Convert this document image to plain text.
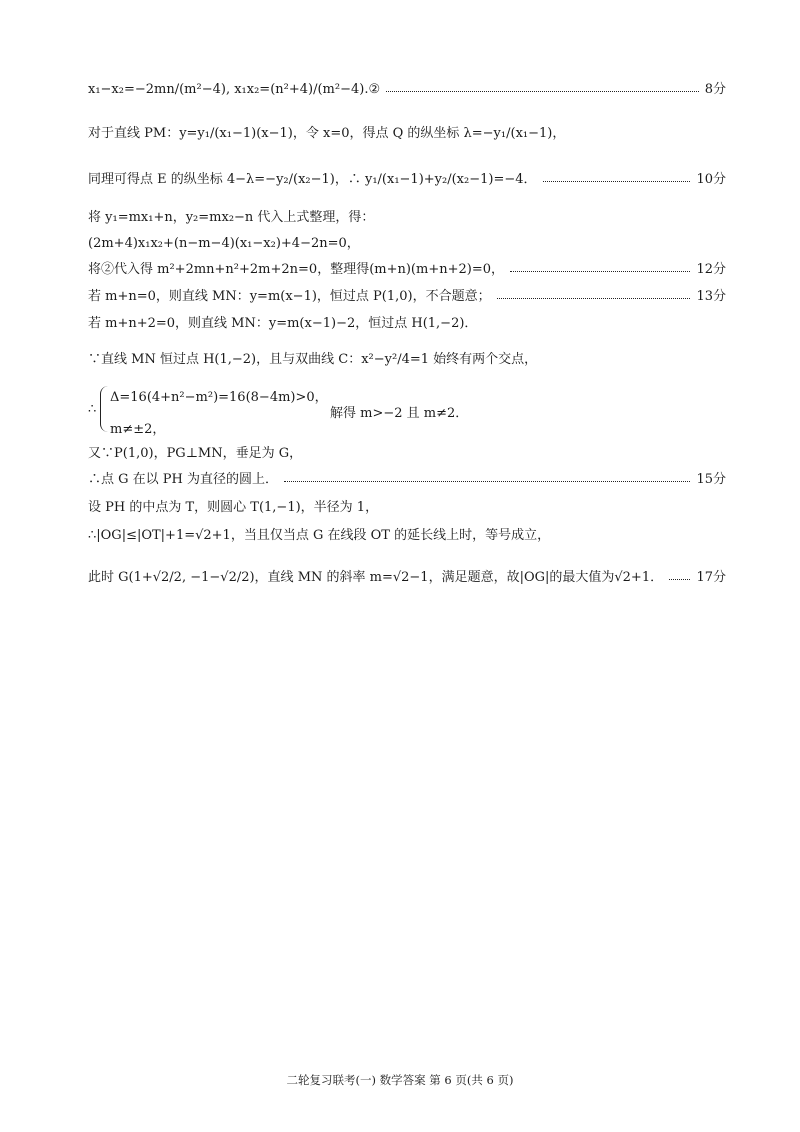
x₁−x₂=−2mn/(m²−4), x₁x₂=(n²+4)/(m²−4).②	8分
对于直线 PM：y=y₁/(x₁−1)(x−1)，令 x=0，得点 Q 的纵坐标 λ=−y₁/(x₁−1)，
同理可得点 E 的纵坐标 4−λ=−y₂/(x₂−1)，∴ y₁/(x₁−1)+y₂/(x₂−1)=−4．	10分
将 y₁=mx₁+n，y₂=mx₂−n 代入上式整理，得：
(2m+4)x₁x₂+(n−m−4)(x₁−x₂)+4−2n=0，
将②代入得 m²+2mn+n²+2m+2n=0，整理得(m+n)(m+n+2)=0，	12分
若 m+n=0，则直线 MN：y=m(x−1)，恒过点 P(1,0)，不合题意；	13分
若 m+n+2=0，则直线 MN：y=m(x−1)−2，恒过点 H(1,−2)．
∵直线 MN 恒过点 H(1,−2)，且与双曲线 C：x²−y²/4=1 始终有两个交点，
∴
Δ=16(4+n²−m²)=16(8−4m)>0，
m≠±2，
解得 m>−2 且 m≠2．
又∵P(1,0)，PG⊥MN，垂足为 G，
∴点 G 在以 PH 为直径的圆上．	15分
设 PH 的中点为 T，则圆心 T(1,−1)，半径为 1，
∴|OG|≤|OT|+1=√2+1，当且仅当点 G 在线段 OT 的延长线上时，等号成立，
此时 G(1+√2/2, −1−√2/2)，直线 MN 的斜率 m=√2−1，满足题意，故|OG|的最大值为√2+1．	17分
二轮复习联考(一) 数学答案 第 6 页(共 6 页)
